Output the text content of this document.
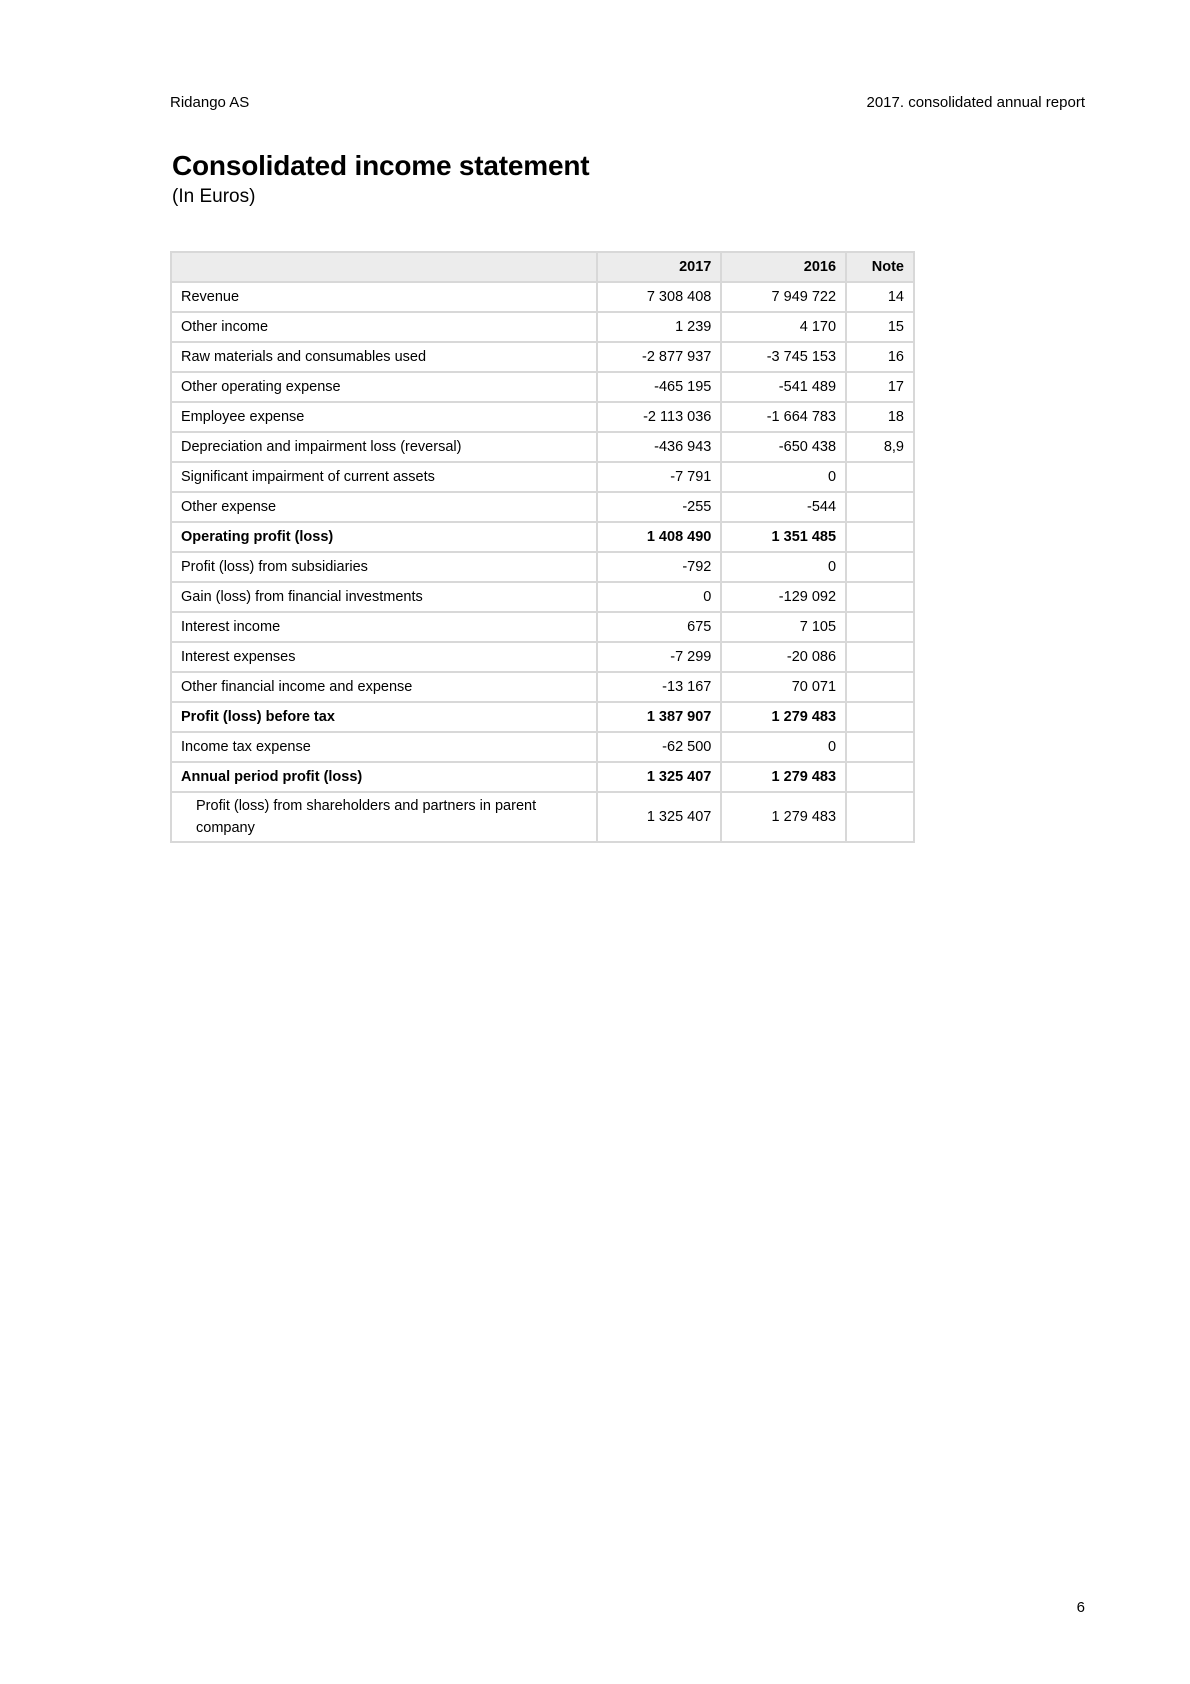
Ridango AS	2017. consolidated annual report
Consolidated income statement
(In Euros)
	2017	2016	Note
Revenue	7 308 408	7 949 722	14
Other income	1 239	4 170	15
Raw materials and consumables used	-2 877 937	-3 745 153	16
Other operating expense	-465 195	-541 489	17
Employee expense	-2 113 036	-1 664 783	18
Depreciation and impairment loss (reversal)	-436 943	-650 438	8,9
Significant impairment of current assets	-7 791	0	
Other expense	-255	-544	
Operating profit (loss)	1 408 490	1 351 485	
Profit (loss) from subsidiaries	-792	0	
Gain (loss) from financial investments	0	-129 092	
Interest income	675	7 105	
Interest expenses	-7 299	-20 086	
Other financial income and expense	-13 167	70 071	
Profit (loss) before tax	1 387 907	1 279 483	
Income tax expense	-62 500	0	
Annual period profit (loss)	1 325 407	1 279 483	
Profit (loss) from shareholders and partners in parent company	1 325 407	1 279 483	
6
